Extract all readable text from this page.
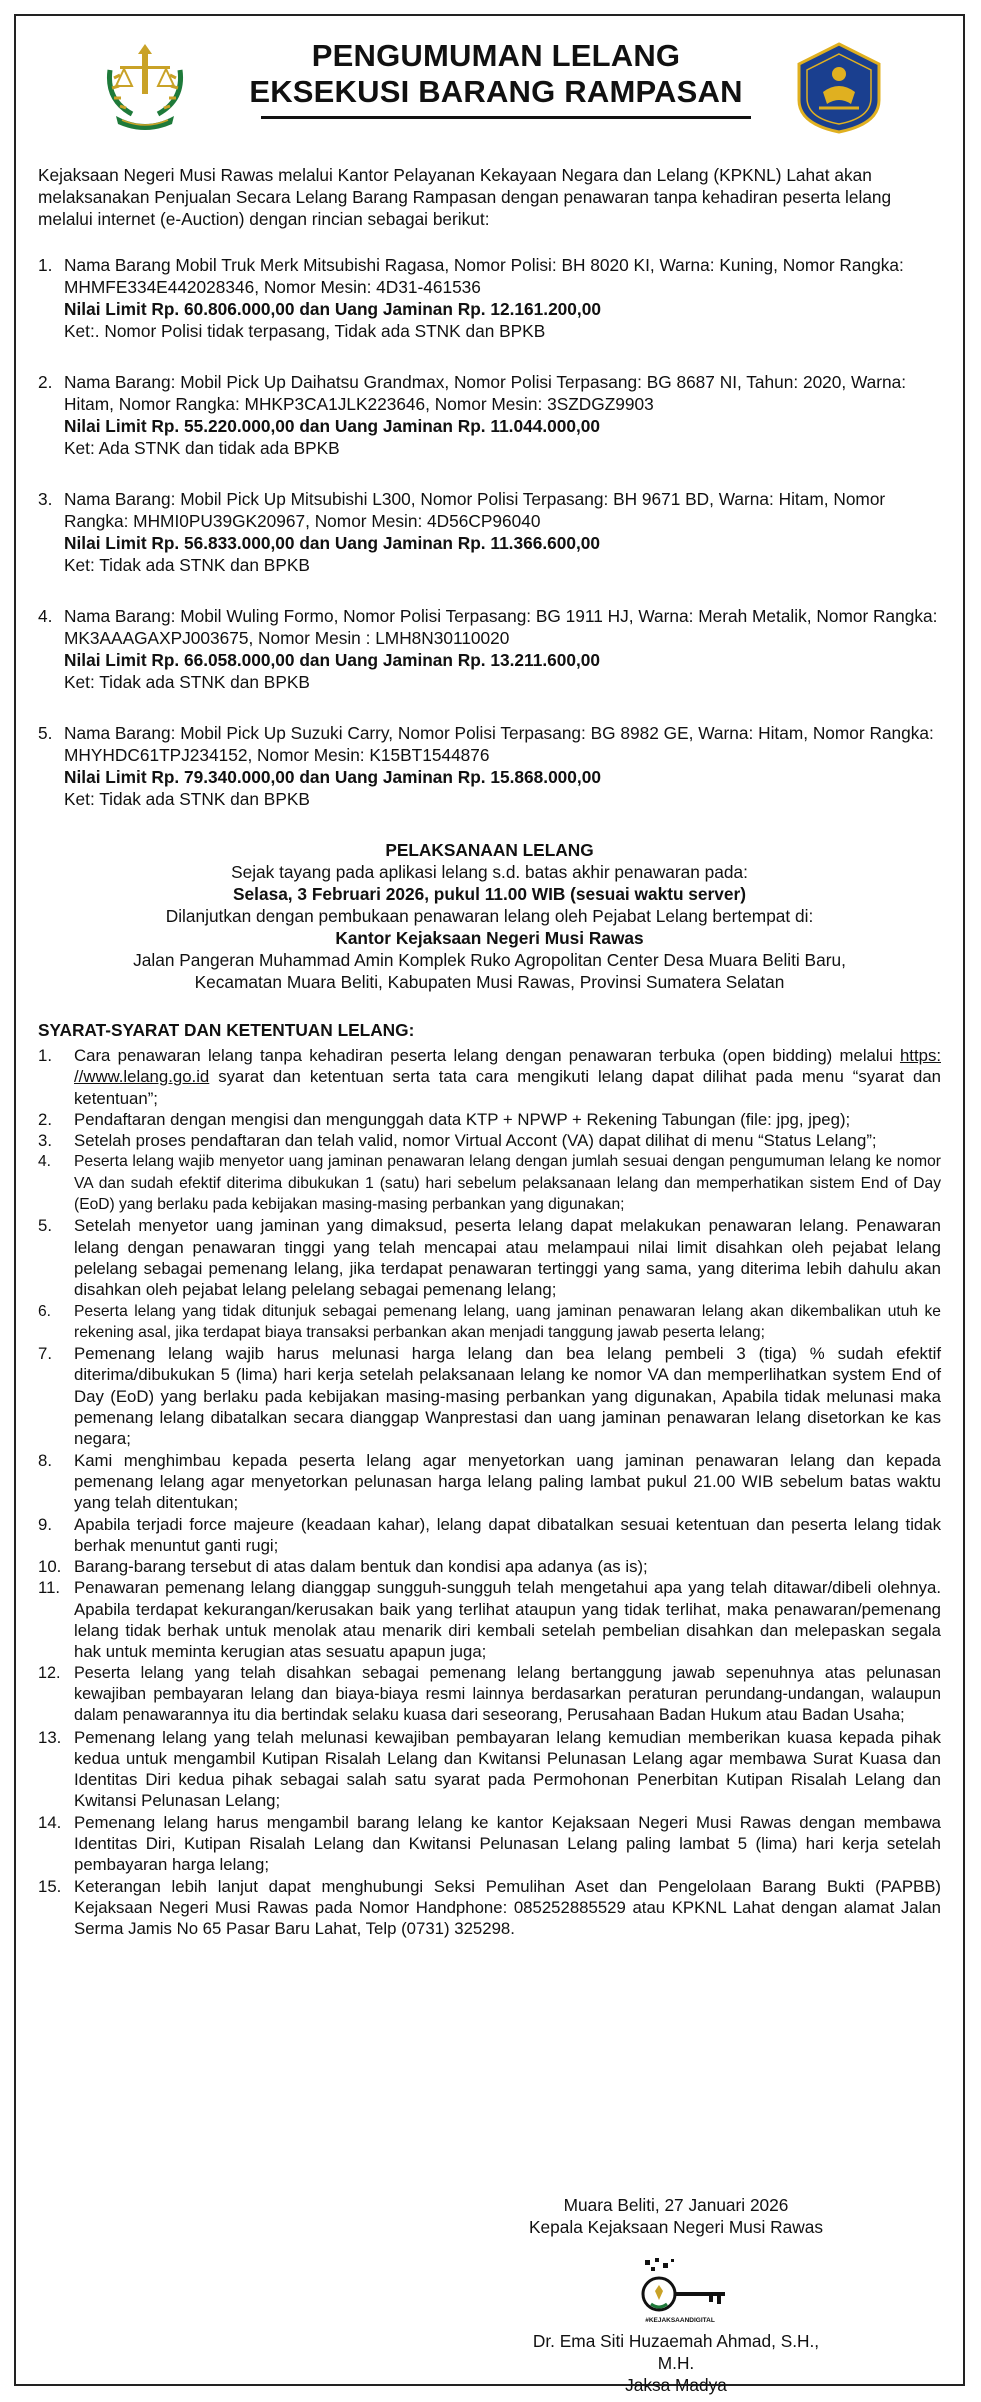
PENGUMUMAN LELANG
EKSEKUSI BARANG RAMPASAN

Kejaksaan Negeri Musi Rawas melalui Kantor Pelayanan Kekayaan Negara dan Lelang (KPKNL) Lahat akan melaksanakan Penjualan Secara Lelang Barang Rampasan dengan penawaran tanpa kehadiran peserta lelang melalui internet (e-Auction) dengan rincian sebagai berikut:

1. Nama Barang Mobil Truk Merk Mitsubishi Ragasa, Nomor Polisi: BH 8020 KI, Warna: Kuning, Nomor Rangka: MHMFE334E442028346, Nomor Mesin: 4D31-461536
Nilai Limit Rp. 60.806.000,00 dan Uang Jaminan Rp. 12.161.200,00
Ket:. Nomor Polisi tidak terpasang, Tidak ada STNK dan BPKB
2. Nama Barang: Mobil Pick Up Daihatsu Grandmax, Nomor Polisi Terpasang: BG 8687 NI, Tahun: 2020, Warna: Hitam, Nomor Rangka: MHKP3CA1JLK223646, Nomor Mesin: 3SZDGZ9903
Nilai Limit Rp. 55.220.000,00 dan Uang Jaminan Rp. 11.044.000,00
Ket: Ada STNK dan tidak ada BPKB
3. Nama Barang: Mobil Pick Up Mitsubishi L300, Nomor Polisi Terpasang: BH 9671 BD, Warna: Hitam, Nomor Rangka: MHMI0PU39GK20967, Nomor Mesin: 4D56CP96040
Nilai Limit Rp. 56.833.000,00 dan Uang Jaminan Rp. 11.366.600,00
Ket: Tidak ada STNK dan BPKB
4. Nama Barang: Mobil Wuling Formo, Nomor Polisi Terpasang: BG 1911 HJ, Warna: Merah Metalik, Nomor Rangka: MK3AAAGAXPJ003675, Nomor Mesin : LMH8N30110020
Nilai Limit Rp. 66.058.000,00 dan Uang Jaminan Rp. 13.211.600,00
Ket: Tidak ada STNK dan BPKB
5. Nama Barang: Mobil Pick Up Suzuki Carry, Nomor Polisi Terpasang: BG 8982 GE, Warna: Hitam, Nomor Rangka: MHYHDC61TPJ234152, Nomor Mesin: K15BT1544876
Nilai Limit Rp. 79.340.000,00 dan Uang Jaminan Rp. 15.868.000,00
Ket: Tidak ada STNK dan BPKB
PELAKSANAAN LELANG
Sejak tayang pada aplikasi lelang s.d. batas akhir penawaran pada:
Selasa, 3 Februari 2026, pukul 11.00 WIB (sesuai waktu server)
Dilanjutkan dengan pembukaan penawaran lelang oleh Pejabat Lelang bertempat di:
Kantor Kejaksaan Negeri Musi Rawas
Jalan Pangeran Muhammad Amin Komplek Ruko Agropolitan Center Desa Muara Beliti Baru,
Kecamatan Muara Beliti, Kabupaten Musi Rawas, Provinsi Sumatera Selatan
SYARAT-SYARAT DAN KETENTUAN LELANG:
1. Cara penawaran lelang tanpa kehadiran peserta lelang dengan penawaran terbuka (open bidding) melalui https: //www.lelang.go.id syarat dan ketentuan serta tata cara mengikuti lelang dapat dilihat pada menu “syarat dan ketentuan”;
2. Pendaftaran dengan mengisi dan mengunggah data KTP + NPWP + Rekening Tabungan (file: jpg, jpeg);
3. Setelah proses pendaftaran dan telah valid, nomor Virtual Accont (VA) dapat dilihat di menu “Status Lelang”;
4. Peserta lelang wajib menyetor uang jaminan penawaran lelang dengan jumlah sesuai dengan pengumuman lelang ke nomor VA dan sudah efektif diterima dibukukan 1 (satu) hari sebelum pelaksanaan lelang dan memperhatikan sistem End of Day (EoD) yang berlaku pada kebijakan masing-masing perbankan yang digunakan;
5. Setelah menyetor uang jaminan yang dimaksud, peserta lelang dapat melakukan penawaran lelang. Penawaran lelang dengan penawaran tinggi yang telah mencapai atau melampaui nilai limit disahkan oleh pejabat lelang pelelang sebagai pemenang lelang, jika terdapat penawaran tertinggi yang sama, yang diterima lebih dahulu akan disahkan oleh pejabat lelang pelelang sebagai pemenang lelang;
6. Peserta lelang yang tidak ditunjuk sebagai pemenang lelang, uang jaminan penawaran lelang akan dikembalikan utuh ke rekening asal, jika terdapat biaya transaksi perbankan akan menjadi tanggung jawab peserta lelang;
7. Pemenang lelang wajib harus melunasi harga lelang dan bea lelang pembeli 3 (tiga) % sudah efektif diterima/dibukukan 5 (lima) hari kerja setelah pelaksanaan lelang ke nomor VA dan memperlihatkan system End of Day (EoD) yang berlaku pada kebijakan masing-masing perbankan yang digunakan, Apabila tidak melunasi maka pemenang lelang dibatalkan secara dianggap Wanprestasi dan uang jaminan penawaran lelang disetorkan ke kas negara;
8. Kami menghimbau kepada peserta lelang agar menyetorkan uang jaminan penawaran lelang dan kepada pemenang lelang agar menyetorkan pelunasan harga lelang paling lambat pukul 21.00 WIB sebelum batas waktu yang telah ditentukan;
9. Apabila terjadi force majeure (keadaan kahar), lelang dapat dibatalkan sesuai ketentuan dan peserta lelang tidak berhak menuntut ganti rugi;
10. Barang-barang tersebut di atas dalam bentuk dan kondisi apa adanya (as is);
11. Penawaran pemenang lelang dianggap sungguh-sungguh telah mengetahui apa yang telah ditawar/dibeli olehnya. Apabila terdapat kekurangan/kerusakan baik yang terlihat ataupun yang tidak terlihat, maka penawaran/pemenang lelang tidak berhak untuk menolak atau menarik diri kembali setelah pembelian disahkan dan melepaskan segala hak untuk meminta kerugian atas sesuatu apapun juga;
12. Peserta lelang yang telah disahkan sebagai pemenang lelang bertanggung jawab sepenuhnya atas pelunasan kewajiban pembayaran lelang dan biaya-biaya resmi lainnya berdasarkan peraturan perundang-undangan, walaupun dalam penawarannya itu dia bertindak selaku kuasa dari seseorang, Perusahaan Badan Hukum atau Badan Usaha;
13. Pemenang lelang yang telah melunasi kewajiban pembayaran lelang kemudian memberikan kuasa kepada pihak kedua untuk mengambil Kutipan Risalah Lelang dan Kwitansi Pelunasan Lelang agar membawa Surat Kuasa dan Identitas Diri kedua pihak sebagai salah satu syarat pada Permohonan Penerbitan Kutipan Risalah Lelang dan Kwitansi Pelunasan Lelang;
14. Pemenang lelang harus mengambil barang lelang ke kantor Kejaksaan Negeri Musi Rawas dengan membawa Identitas Diri, Kutipan Risalah Lelang dan Kwitansi Pelunasan Lelang paling lambat 5 (lima) hari kerja setelah pembayaran harga lelang;
15. Keterangan lebih lanjut dapat menghubungi Seksi Pemulihan Aset dan Pengelolaan Barang Bukti (PAPBB) Kejaksaan Negeri Musi Rawas pada Nomor Handphone: 085252885529 atau KPKNL Lahat dengan alamat Jalan Serma Jamis No 65 Pasar Baru Lahat, Telp (0731) 325298.
Muara Beliti, 27 Januari 2026
Kepala Kejaksaan Negeri Musi Rawas
#KEJAKSAANDIGITAL
Dr. Ema Siti Huzaemah Ahmad, S.H., M.H.
Jaksa Madya
